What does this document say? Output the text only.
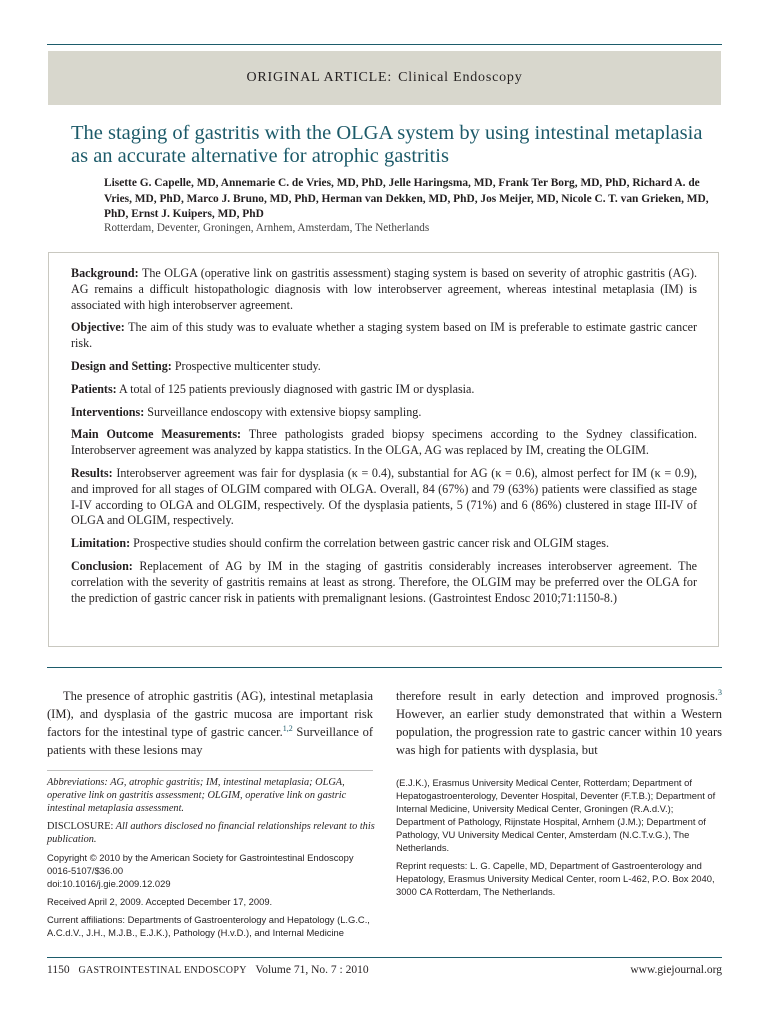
ORIGINAL ARTICLE: Clinical Endoscopy
The staging of gastritis with the OLGA system by using intestinal metaplasia as an accurate alternative for atrophic gastritis
Lisette G. Capelle, MD, Annemarie C. de Vries, MD, PhD, Jelle Haringsma, MD, Frank Ter Borg, MD, PhD, Richard A. de Vries, MD, PhD, Marco J. Bruno, MD, PhD, Herman van Dekken, MD, PhD, Jos Meijer, MD, Nicole C. T. van Grieken, MD, PhD, Ernst J. Kuipers, MD, PhD
Rotterdam, Deventer, Groningen, Arnhem, Amsterdam, The Netherlands

Background: The OLGA (operative link on gastritis assessment) staging system is based on severity of atrophic gastritis (AG). AG remains a difficult histopathologic diagnosis with low interobserver agreement, whereas intestinal metaplasia (IM) is associated with high interobserver agreement.

Objective: The aim of this study was to evaluate whether a staging system based on IM is preferable to estimate gastric cancer risk.

Design and Setting: Prospective multicenter study.

Patients: A total of 125 patients previously diagnosed with gastric IM or dysplasia.

Interventions: Surveillance endoscopy with extensive biopsy sampling.

Main Outcome Measurements: Three pathologists graded biopsy specimens according to the Sydney classification. Interobserver agreement was analyzed by kappa statistics. In the OLGA, AG was replaced by IM, creating the OLGIM.

Results: Interobserver agreement was fair for dysplasia (κ = 0.4), substantial for AG (κ = 0.6), almost perfect for IM (κ = 0.9), and improved for all stages of OLGIM compared with OLGA. Overall, 84 (67%) and 79 (63%) patients were classified as stage I-IV according to OLGA and OLGIM, respectively. Of the dysplasia patients, 5 (71%) and 6 (86%) clustered in stage III-IV of OLGA and OLGIM, respectively.

Limitation: Prospective studies should confirm the correlation between gastric cancer risk and OLGIM stages.

Conclusion: Replacement of AG by IM in the staging of gastritis considerably increases interobserver agreement. The correlation with the severity of gastritis remains at least as strong. Therefore, the OLGIM may be preferred over the OLGA for the prediction of gastric cancer risk in patients with premalignant lesions. (Gastrointest Endosc 2010;71:1150-8.)

The presence of atrophic gastritis (AG), intestinal metaplasia (IM), and dysplasia of the gastric mucosa are important risk factors for the intestinal type of gastric cancer.$^{1,2}$ Surveillance of patients with these lesions may

therefore result in early detection and improved prognosis.$^3$ However, an earlier study demonstrated that within a Western population, the progression rate to gastric cancer within 10 years was high for patients with dysplasia, but

Abbreviations: AG, atrophic gastritis; IM, intestinal metaplasia; OLGA, operative link on gastritis assessment; OLGIM, operative link on gastric intestinal metaplasia assessment.

DISCLOSURE: All authors disclosed no financial relationships relevant to this publication.

Copyright © 2010 by the American Society for Gastrointestinal Endoscopy
0016-5107/$36.00
doi:10.1016/j.gie.2009.12.029

Received April 2, 2009. Accepted December 17, 2009.

Current affiliations: Departments of Gastroenterology and Hepatology (L.G.C., A.C.d.V., J.H., M.J.B., E.J.K.), Pathology (H.v.D.), and Internal Medicine

(E.J.K.), Erasmus University Medical Center, Rotterdam; Department of Hepatogastroenterology, Deventer Hospital, Deventer (F.T.B.); Department of Internal Medicine, University Medical Center, Groningen (R.A.d.V.); Department of Pathology, Rijnstate Hospital, Arnhem (J.M.); Department of Pathology, VU University Medical Center, Amsterdam (N.C.T.v.G.), The Netherlands.

Reprint requests: L. G. Capelle, MD, Department of Gastroenterology and Hepatology, Erasmus University Medical Center, room L-462, P.O. Box 2040, 3000 CA Rotterdam, The Netherlands.

1150 GASTROINTESTINAL ENDOSCOPY Volume 71, No. 7 : 2010	www.giejournal.org
